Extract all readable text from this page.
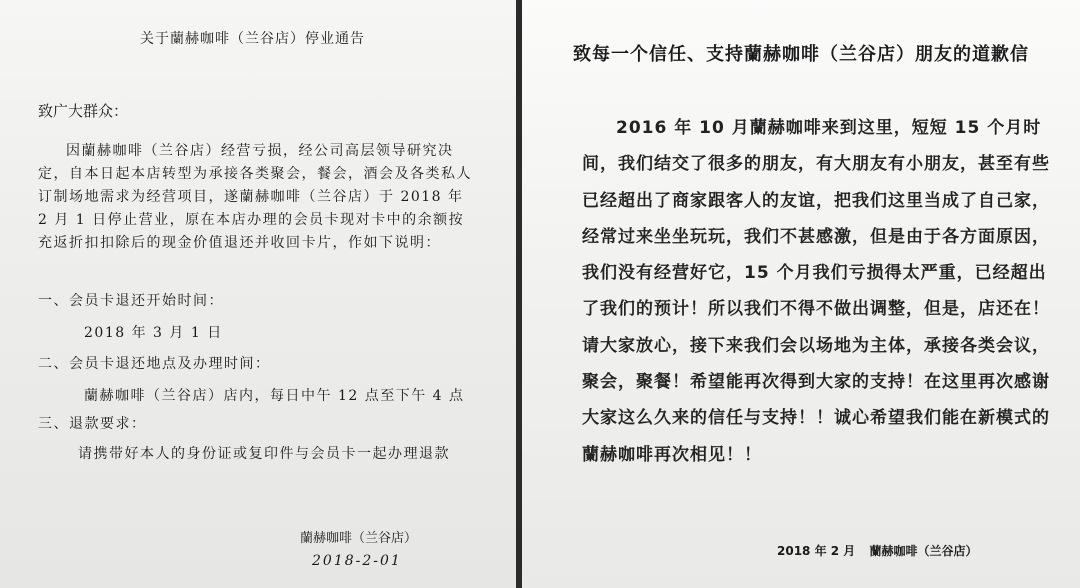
关于蘭赫咖啡（兰谷店）停业通告
致广大群众：
因蘭赫咖啡（兰谷店）经营亏损，经公司高层领导研究决定，自本日起本店转型为承接各类聚会，餐会，酒会及各类私人订制场地需求为经营项目，遂蘭赫咖啡（兰谷店）于 2018 年 2 月 1 日停止营业，原在本店办理的会员卡现对卡中的余额按充返折扣扣除后的现金价值退还并收回卡片，作如下说明：
一、会员卡退还开始时间：
2018 年 3 月 1 日
二、会员卡退还地点及办理时间：
蘭赫咖啡（兰谷店）店内，每日中午 12 点至下午 4 点
三、退款要求：
请携带好本人的身份证或复印件与会员卡一起办理退款
蘭赫咖啡（兰谷店）
2018-2-01
致每一个信任、支持蘭赫咖啡（兰谷店）朋友的道歉信
2016 年 10 月蘭赫咖啡来到这里，短短 15 个月时间，我们结交了很多的朋友，有大朋友有小朋友，甚至有些已经超出了商家跟客人的友谊，把我们这里当成了自己家，经常过来坐坐玩玩，我们不甚感激，但是由于各方面原因，我们没有经营好它，15 个月我们亏损得太严重，已经超出了我们的预计！所以我们不得不做出调整，但是，店还在！请大家放心，接下来我们会以场地为主体，承接各类会议，聚会，聚餐！希望能再次得到大家的支持！在这里再次感谢大家这么久来的信任与支持！！诚心希望我们能在新模式的蘭赫咖啡再次相见！！
2018 年 2 月 蘭赫咖啡（兰谷店）
